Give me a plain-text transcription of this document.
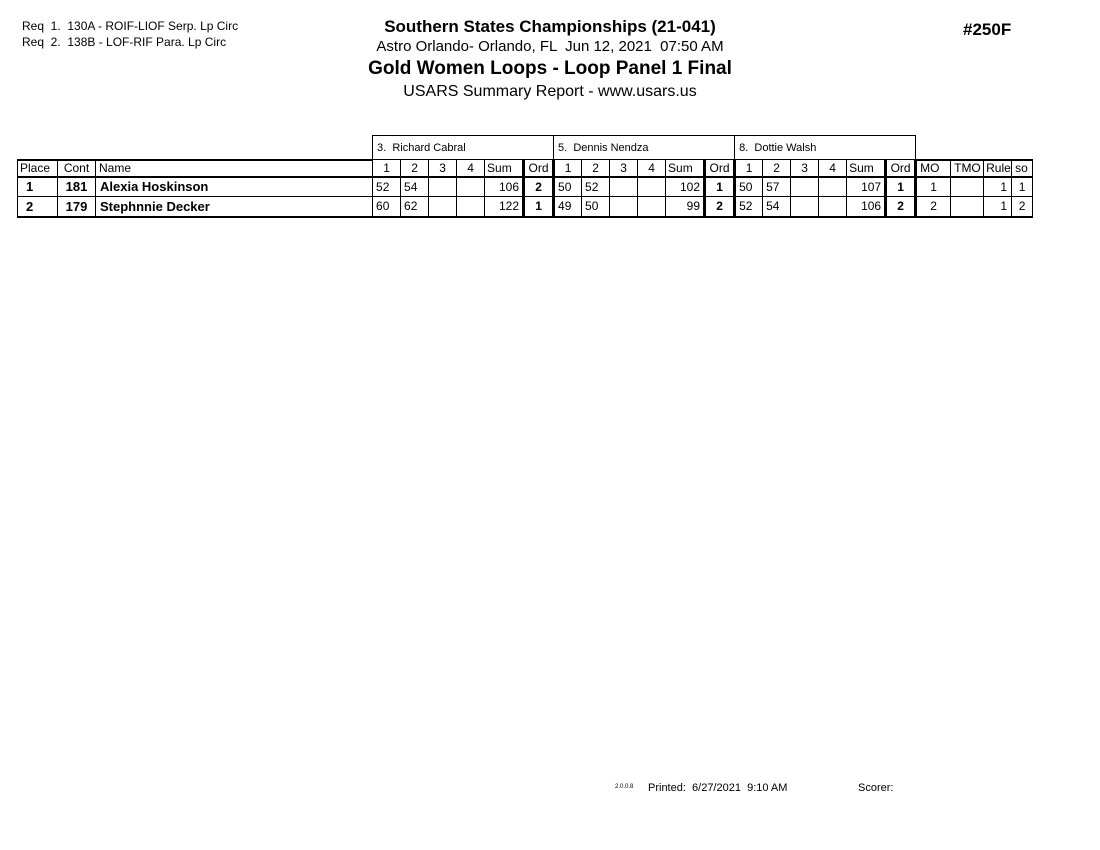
Req  1.  130A - ROIF-LIOF Serp. Lp Circ
Req  2.  138B - LOF-RIF Para. Lp Circ
Southern States Championships (21-041)
Astro Orlando- Orlando, FL  Jun 12, 2021  07:50 AM
Gold Women Loops - Loop Panel 1 Final
USARS Summary Report - www.usars.us
#250F
			3.  Richard Cabral						5.  Dennis Nendza						8.  Dottie Walsh									
Place	Cont	Name	1	2	3	4	Sum	Ord	1	2	3	4	Sum	Ord	1	2	3	4	Sum	Ord	MO	TMO	Rule	so
1	181	Alexia Hoskinson	52	54			106	2	50	52			102	1	50	57			107	1	1		1	1
2	179	Stephnnie Decker	60	62			122	1	49	50			99	2	52	54			106	2	2		1	2
2.0.0.8 Printed:  6/27/2021  9:10 AM	Scorer:
